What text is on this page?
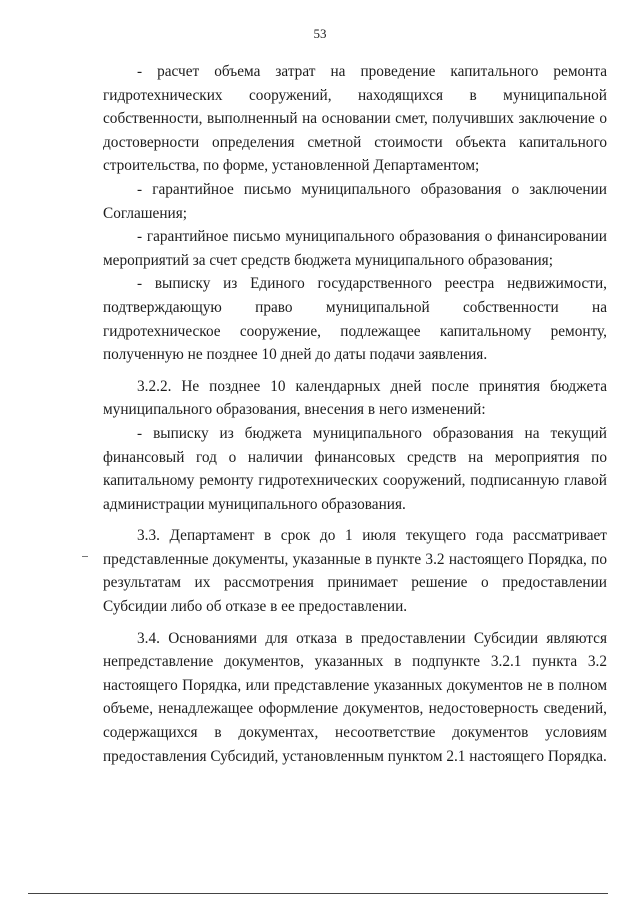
53

- расчет объема затрат на проведение капитального ремонта гидротехнических сооружений, находящихся в муниципальной собственности, выполненный на основании смет, получивших заключение о достоверности определения сметной стоимости объекта капитального строительства, по форме, установленной Департаментом;

- гарантийное письмо муниципального образования о заключении Соглашения;

- гарантийное письмо муниципального образования о финансировании мероприятий за счет средств бюджета муниципального образования;

- выписку из Единого государственного реестра недвижимости, подтверждающую право муниципальной собственности на гидротехническое сооружение, подлежащее капитальному ремонту, полученную не позднее 10 дней до даты подачи заявления.

3.2.2. Не позднее 10 календарных дней после принятия бюджета муниципального образования, внесения в него изменений:

- выписку из бюджета муниципального образования на текущий финансовый год о наличии финансовых средств на мероприятия по капитальному ремонту гидротехнических сооружений, подписанную главой администрации муниципального образования.

3.3. Департамент в срок до 1 июля текущего года рассматривает представленные документы, указанные в пункте 3.2 настоящего Порядка, по результатам их рассмотрения принимает решение о предоставлении Субсидии либо об отказе в ее предоставлении.

3.4. Основаниями для отказа в предоставлении Субсидии являются непредставление документов, указанных в подпункте 3.2.1 пункта 3.2 настоящего Порядка, или представление указанных документов не в полном объеме, ненадлежащее оформление документов, недостоверность сведений, содержащихся в документах, несоответствие документов условиям предоставления Субсидий, установленным пунктом 2.1 настоящего Порядка.
